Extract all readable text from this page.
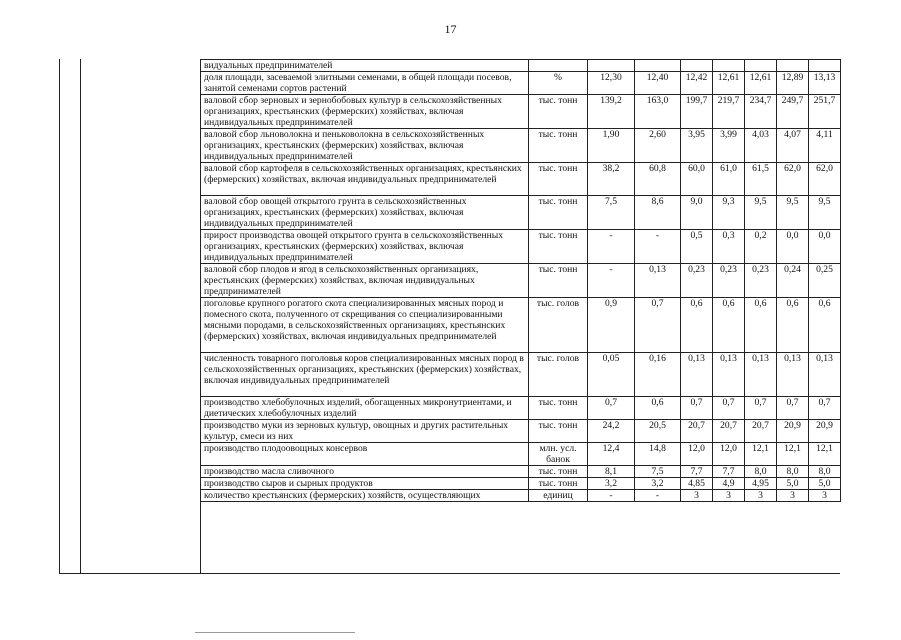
17
видуальных предпринимателей								
доля площади, засеваемой элитными семенами, в общей площади посевов, занятой семенами сортов растений	%	12,30	12,40	12,42	12,61	12,61	12,89	13,13
валовой сбор зерновых и зернобобовых культур в сельскохозяйственных организациях, крестьянских (фермерских) хозяйствах, включая индивидуальных предпринимателей	тыс. тонн	139,2	163,0	199,7	219,7	234,7	249,7	251,7
валовой сбор льноволокна и пеньковолокна в сельскохозяйственных организациях, крестьянских (фермерских) хозяйствах, включая индивидуальных предпринимателей	тыс. тонн	1,90	2,60	3,95	3,99	4,03	4,07	4,11
валовой сбор картофеля в сельскохозяйственных организациях, крестьянских (фермерских) хозяйствах, включая индивидуальных предпринимателей	тыс. тонн	38,2	60,8	60,0	61,0	61,5	62,0	62,0
валовой сбор овощей открытого грунта в сельскохозяйственных организациях, крестьянских (фермерских) хозяйствах, включая индивидуальных предпринимателей	тыс. тонн	7,5	8,6	9,0	9,3	9,5	9,5	9,5
прирост производства овощей открытого грунта в сельскохозяйственных организациях, крестьянских (фермерских) хозяйствах, включая индивидуальных предпринимателей	тыс. тонн	-	-	0,5	0,3	0,2	0,0	0,0
валовой сбор плодов и ягод в сельскохозяйственных организациях, крестьянских (фермерских) хозяйствах, включая индивидуальных предпринимателей	тыс. тонн	-	0,13	0,23	0,23	0,23	0,24	0,25
поголовье крупного рогатого скота специализированных мясных пород и помесного скота, полученного от скрещивания со специализированными мясными породами, в сельскохозяйственных организациях, крестьянских (фермерских) хозяйствах, включая индивидуальных предпринимателей	тыс. голов	0,9	0,7	0,6	0,6	0,6	0,6	0,6
численность товарного поголовья коров специализированных мясных пород в сельскохозяйственных организациях, крестьянских (фермерских) хозяйствах, включая индивидуальных предпринимателей	тыс. голов	0,05	0,16	0,13	0,13	0,13	0,13	0,13
производство хлебобулочных изделий, обогащенных микронутриентами, и диетических хлебобулочных изделий	тыс. тонн	0,7	0,6	0,7	0,7	0,7	0,7	0,7
производство муки из зерновых культур, овощных и других растительных культур, смеси из них	тыс. тонн	24,2	20,5	20,7	20,7	20,7	20,9	20,9
производство плодоовощных консервов	млн. усл. банок	12,4	14,8	12,0	12,0	12,1	12,1	12,1
производство масла сливочного	тыс. тонн	8,1	7,5	7,7	7,7	8,0	8,0	8,0
производство сыров и сырных продуктов	тыс. тонн	3,2	3,2	4,85	4,9	4,95	5,0	5,0
количество крестьянских (фермерских) хозяйств, осуществляющих	единиц	-	-	3	3	3	3	3
